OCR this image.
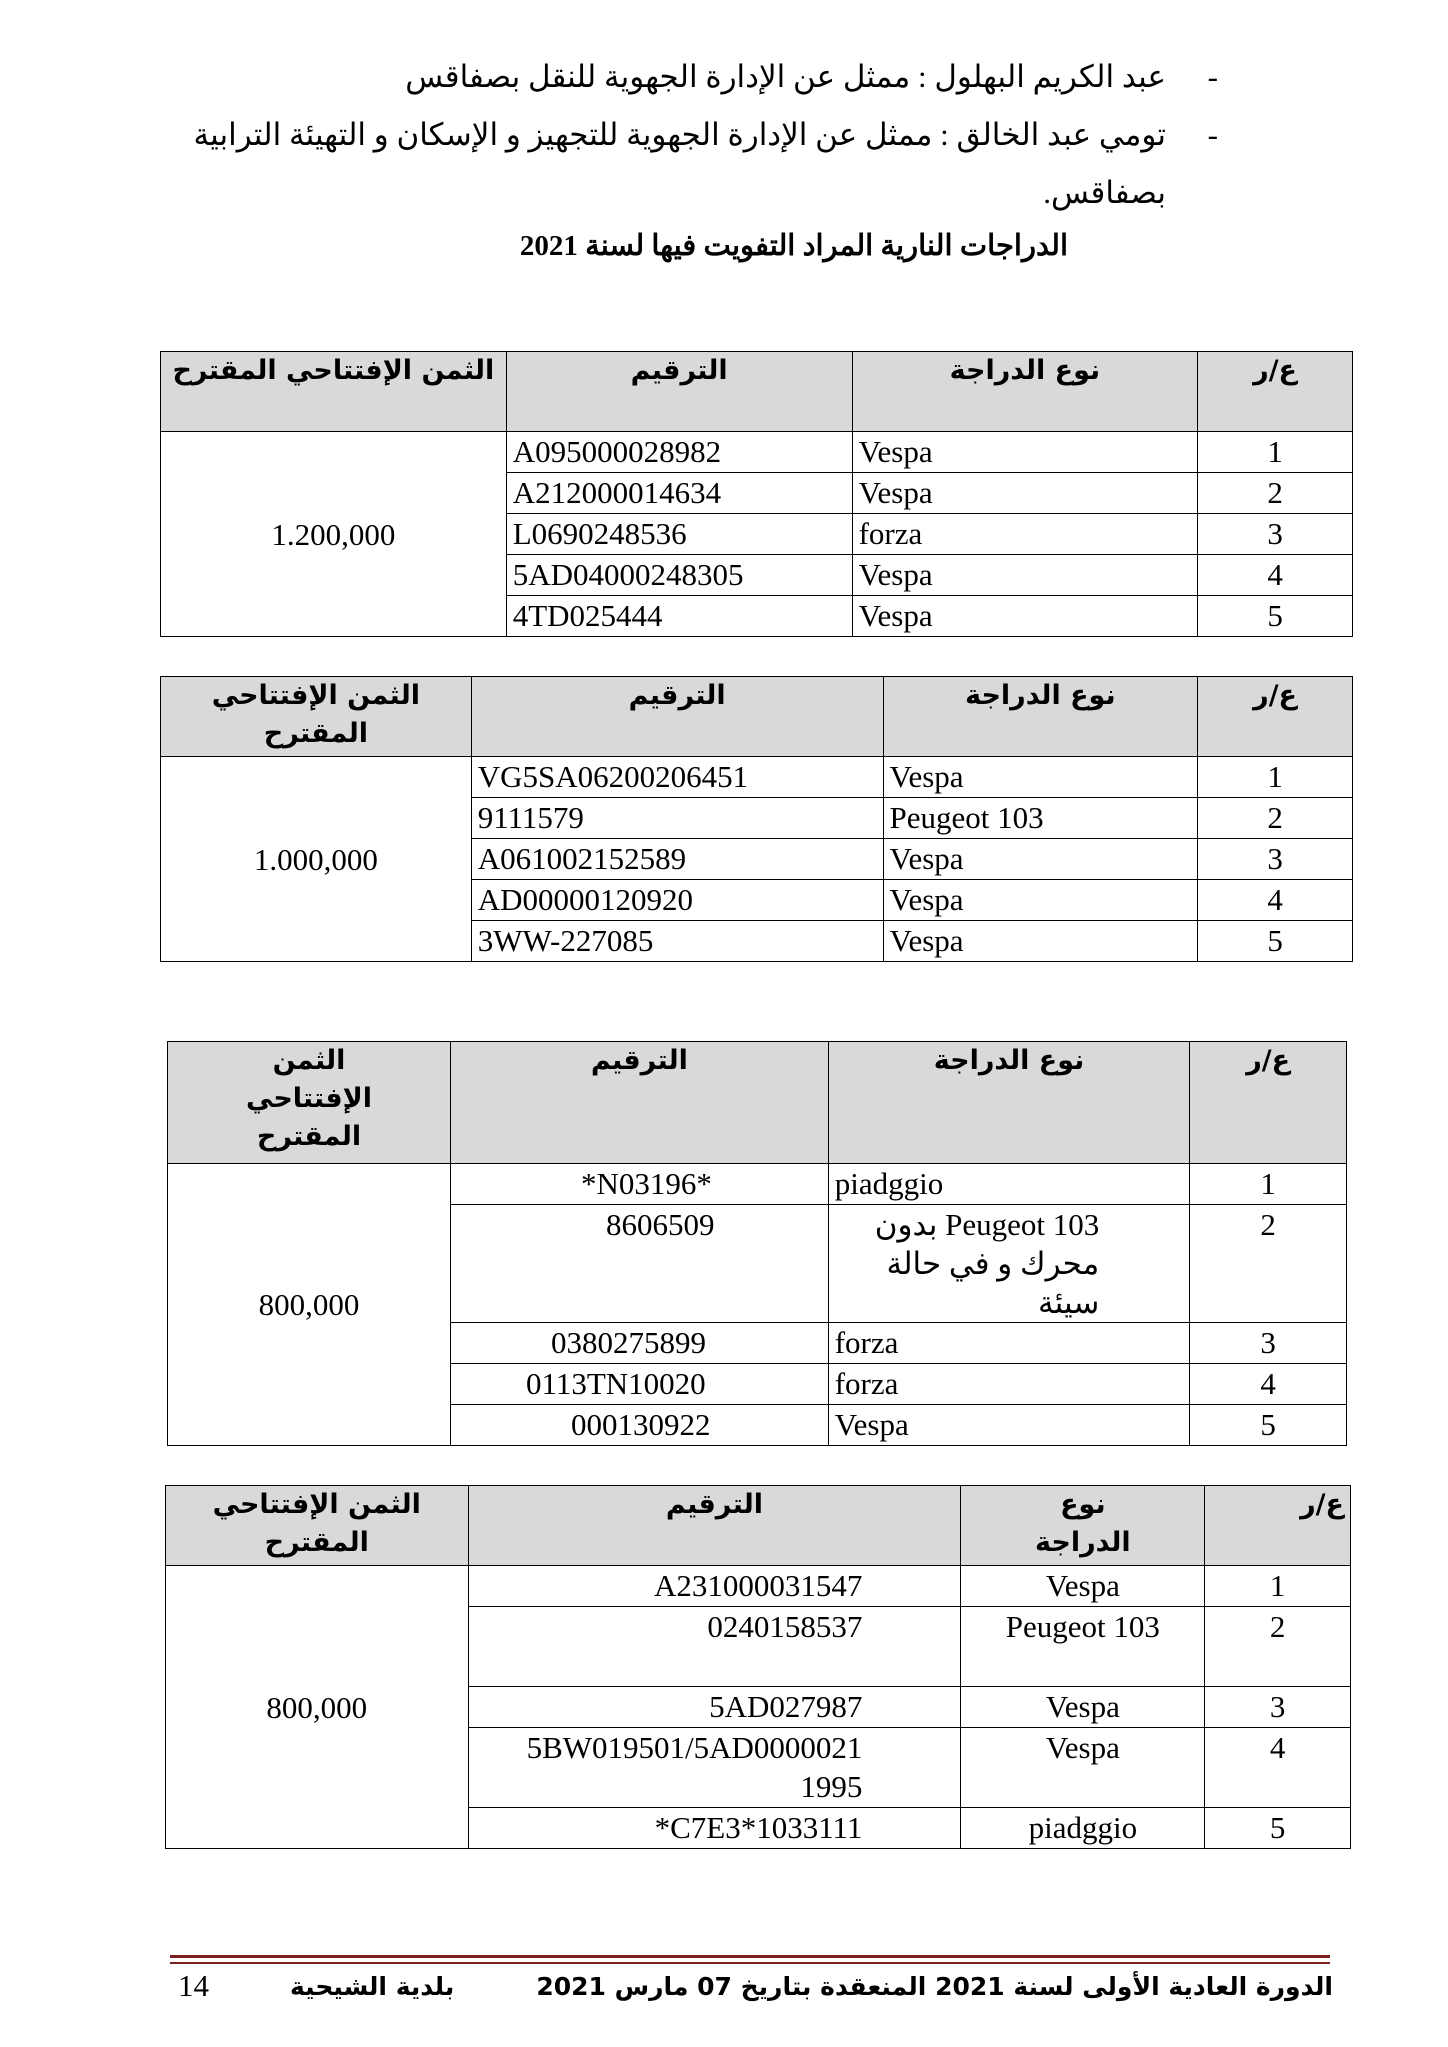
-
عبد الكريم البهلول : ممثل عن الإدارة الجهوية للنقل بصفاقس
-
تومي عبد الخالق : ممثل عن الإدارة الجهوية للتجهيز و الإسكان و التهيئة الترابية بصفاقس.
الدراجات النارية المراد التفويت فيها لسنة 2021
ع/ر	نوع الدراجة	الترقيم	الثمن الإفتتاحي المقترح
1	Vespa	A095000028982	1.200,000
2	Vespa	A212000014634	
3	forza	L0690248536	
4	Vespa	5AD04000248305	
5	Vespa	4TD025444	
ع/ر	نوع الدراجة	الترقيم	الثمن الإفتتاحي المقترح
1	Vespa	VG5SA06200206451	1.000,000
2	Peugeot 103	9111579	
3	Vespa	A061002152589	
4	Vespa	AD00000120920	
5	Vespa	3WW-227085	
ع/ر	نوع الدراجة	الترقيم	الثمن الإفتتاحي المقترح
1	piadggio	*N03196*	800,000
2	Peugeot 103 بدون محرك و في حالة سيئة	8606509	
3	forza	0380275899	
4	forza	0113TN10020	
5	Vespa	000130922	
ع/ر	نوع الدراجة	الترقيم	الثمن الإفتتاحي المقترح
1	Vespa	A231000031547	800,000
2	Peugeot 103	0240158537	
3	Vespa	5AD027987	
4	Vespa	5BW019501/5AD0000021 1995	
5	piadggio	C7E3*1033111*	
الدورة العادية الأولى لسنة 2021 المنعقدة بتاريخ 07 مارس 2021
بلدية الشيحية
14
